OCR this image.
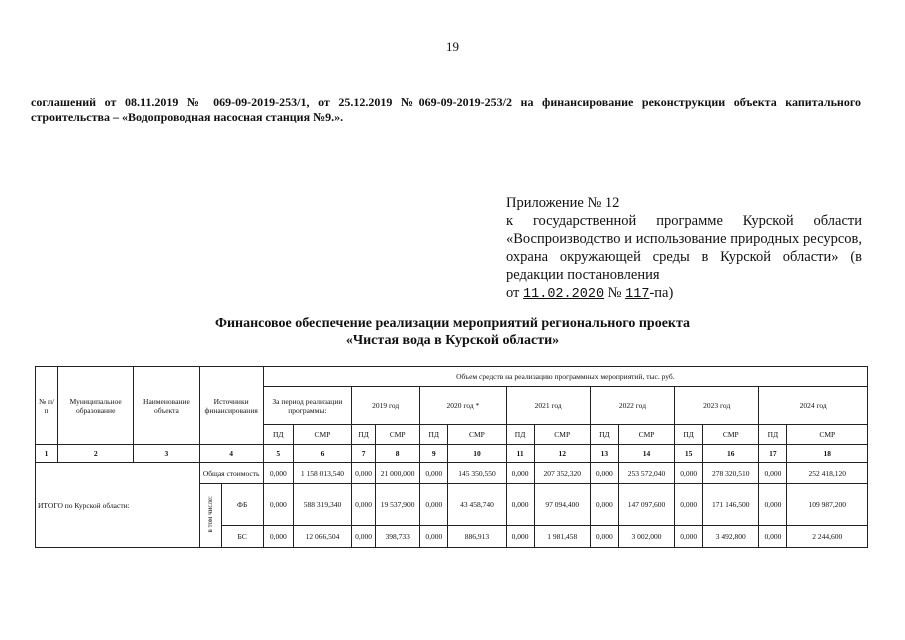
19

соглашений от 08.11.2019 № 069-09-2019-253/1, от 25.12.2019 №069-09-2019-253/2 на финансирование реконструкции объекта капитального

строительства – «Водопроводная насосная станция №9.».

Приложение № 12

к государственной программе Курской области «Воспроизводство и использование природных ресурсов, охрана окружающей среды в Курской области» (в редакции постановления

от 11.02.2020 № 117-па)

Финансовое обеспечение реализации мероприятий регионального проекта
«Чистая вода в Курской области»
№ п/п	Муниципальное образование	Наименование объекта	Источники финансирования		Объем средств на реализацию программных мероприятий, тыс. руб.													
					За период реализации программы:		2019 год		2020 год *		2021 год		2022 год		2023 год		2024 год	
					ПД	СМР	ПД	СМР	ПД	СМР	ПД	СМР	ПД	СМР	ПД	СМР	ПД	СМР
1	2	3	4		5	6	7	8	9	10	11	12	13	14	15	16	17	18
ИТОГО по Курской области:			Общая стоимость		0,000	1 158 013,540	0,000	21 000,000	0,000	145 350,550	0,000	207 352,320	0,000	253 572,040	0,000	278 320,510	0,000	252 418,120
			в том числе:	ФБ	0,000	588 319,340	0,000	19 537,900	0,000	43 458,740	0,000	97 094,400	0,000	147 097,600	0,000	171 146,500	0,000	109 987,200
				БС	0,000	12 066,504	0,000	398,733	0,000	886,913	0,000	1 981,458	0,000	3 002,000	0,000	3 492,800	0,000	2 244,600
